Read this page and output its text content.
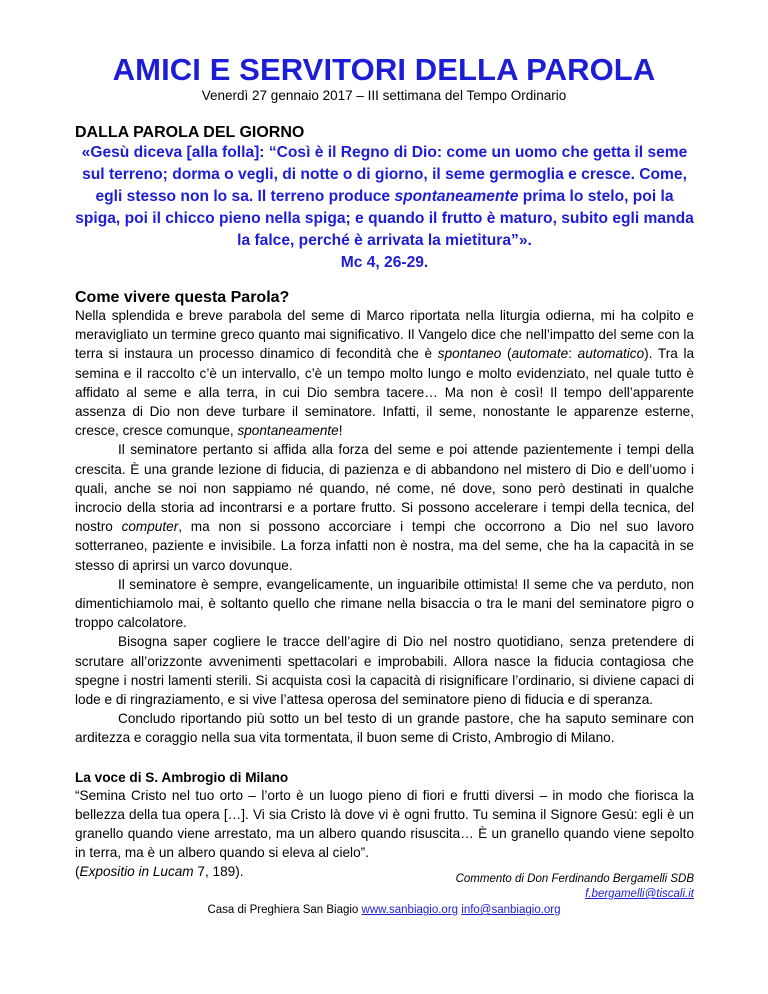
AMICI E SERVITORI DELLA PAROLA
Venerdì 27 gennaio 2017 – III settimana del Tempo Ordinario
DALLA PAROLA DEL GIORNO
«Gesù diceva [alla folla]: “Così è il Regno di Dio: come un uomo che getta il seme sul terreno; dorma o vegli, di notte o di giorno, il seme germoglia e cresce. Come, egli stesso non lo sa. Il terreno produce spontaneamente prima lo stelo, poi la spiga, poi il chicco pieno nella spiga; e quando il frutto è maturo, subito egli manda la falce, perché è arrivata la mietitura”».
Mc 4, 26-29.
Come vivere questa Parola?

Nella splendida e breve parabola del seme di Marco riportata nella liturgia odierna, mi ha colpito e meravigliato un termine greco quanto mai significativo. Il Vangelo dice che nell’impatto del seme con la terra si instaura un processo dinamico di fecondità che è spontaneo (automate: automatico). Tra la semina e il raccolto c’è un intervallo, c’è un tempo molto lungo e molto evidenziato, nel quale tutto è affidato al seme e alla terra, in cui Dio sembra tacere… Ma non è così! Il tempo dell’apparente assenza di Dio non deve turbare il seminatore. Infatti, il seme, nonostante le apparenze esterne, cresce, cresce comunque, spontaneamente!

Il seminatore pertanto si affida alla forza del seme e poi attende pazientemente i tempi della crescita. È una grande lezione di fiducia, di pazienza e di abbandono nel mistero di Dio e dell’uomo i quali, anche se noi non sappiamo né quando, né come, né dove, sono però destinati in qualche incrocio della storia ad incontrarsi e a portare frutto. Si possono accelerare i tempi della tecnica, del nostro computer, ma non si possono accorciare i tempi che occorrono a Dio nel suo lavoro sotterraneo, paziente e invisibile. La forza infatti non è nostra, ma del seme, che ha la capacità in se stesso di aprirsi un varco dovunque.

Il seminatore è sempre, evangelicamente, un inguaribile ottimista! Il seme che va perduto, non dimentichiamolo mai, è soltanto quello che rimane nella bisaccia o tra le mani del seminatore pigro o troppo calcolatore.

Bisogna saper cogliere le tracce dell’agire di Dio nel nostro quotidiano, senza pretendere di scrutare all’orizzonte avvenimenti spettacolari e improbabili. Allora nasce la fiducia contagiosa che spegne i nostri lamenti sterili. Si acquista così la capacità di risignificare l’ordinario, si diviene capaci di lode e di ringraziamento, e si vive l’attesa operosa del seminatore pieno di fiducia e di speranza.

Concludo riportando più sotto un bel testo di un grande pastore, che ha saputo seminare con arditezza e coraggio nella sua vita tormentata, il buon seme di Cristo, Ambrogio di Milano.

La voce di S. Ambrogio di Milano

“Semina Cristo nel tuo orto – l’orto è un luogo pieno di fiori e frutti diversi – in modo che fiorisca la bellezza della tua opera […]. Vi sia Cristo là dove vi è ogni frutto. Tu semina il Signore Gesù: egli è un granello quando viene arrestato, ma un albero quando risuscita… È un granello quando viene sepolto in terra, ma è un albero quando si eleva al cielo”.

(Expositio in Lucam 7, 189).	Commento di Don Ferdinando Bergamelli SDB
f.bergamelli@tiscali.it
Casa di Preghiera San Biagio www.sanbiagio.org info@sanbiagio.org
